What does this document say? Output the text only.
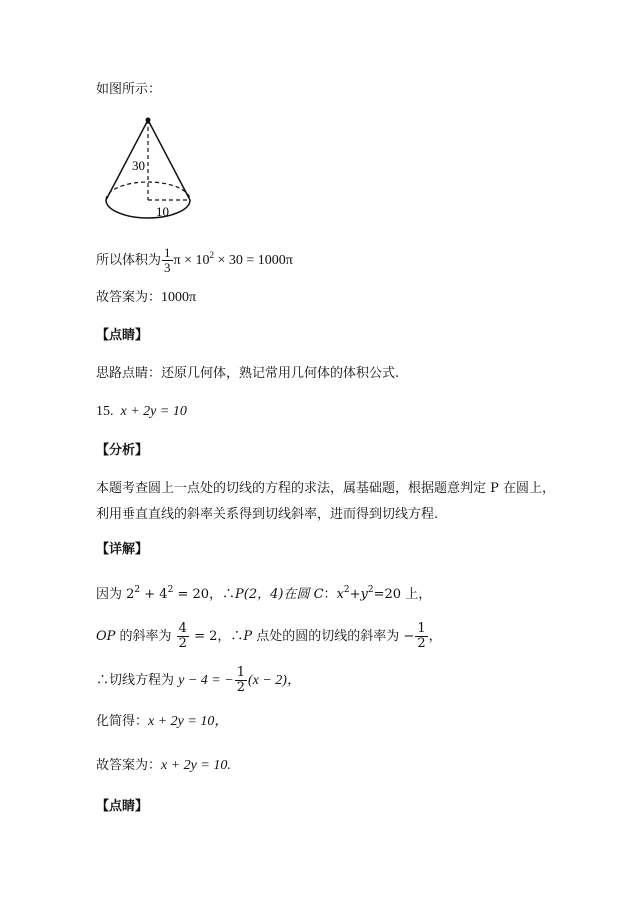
如图所示：
30
10
所以体积为 $\frac{1}{3}$ $\pi \times 10^2 \times 30 = 1000\pi$
故答案为：1000π
【点睛】
思路点睛：还原几何体，熟记常用几何体的体积公式.
15. x + 2y = 10
【分析】
本题考查圆上一点处的切线的方程的求法，属基础题，根据题意判定 P 在圆上，利用垂直直线的斜率关系得到切线斜率，进而得到切线方程.
【详解】
因为 $2^2 + 4^2 = 20$，∴P(2，4)在圆 C：$x^2+y^2=20$ 上，
OP 的斜率为 $\frac{4}{2} = 2$，∴P 点处的圆的切线的斜率为 − $\frac{1}{2}$ ，
∴切线方程为 y − 4 = − $\frac{1}{2} (x - 2)$，
化简得：x + 2y = 10，
故答案为：x + 2y = 10.
【点睛】
